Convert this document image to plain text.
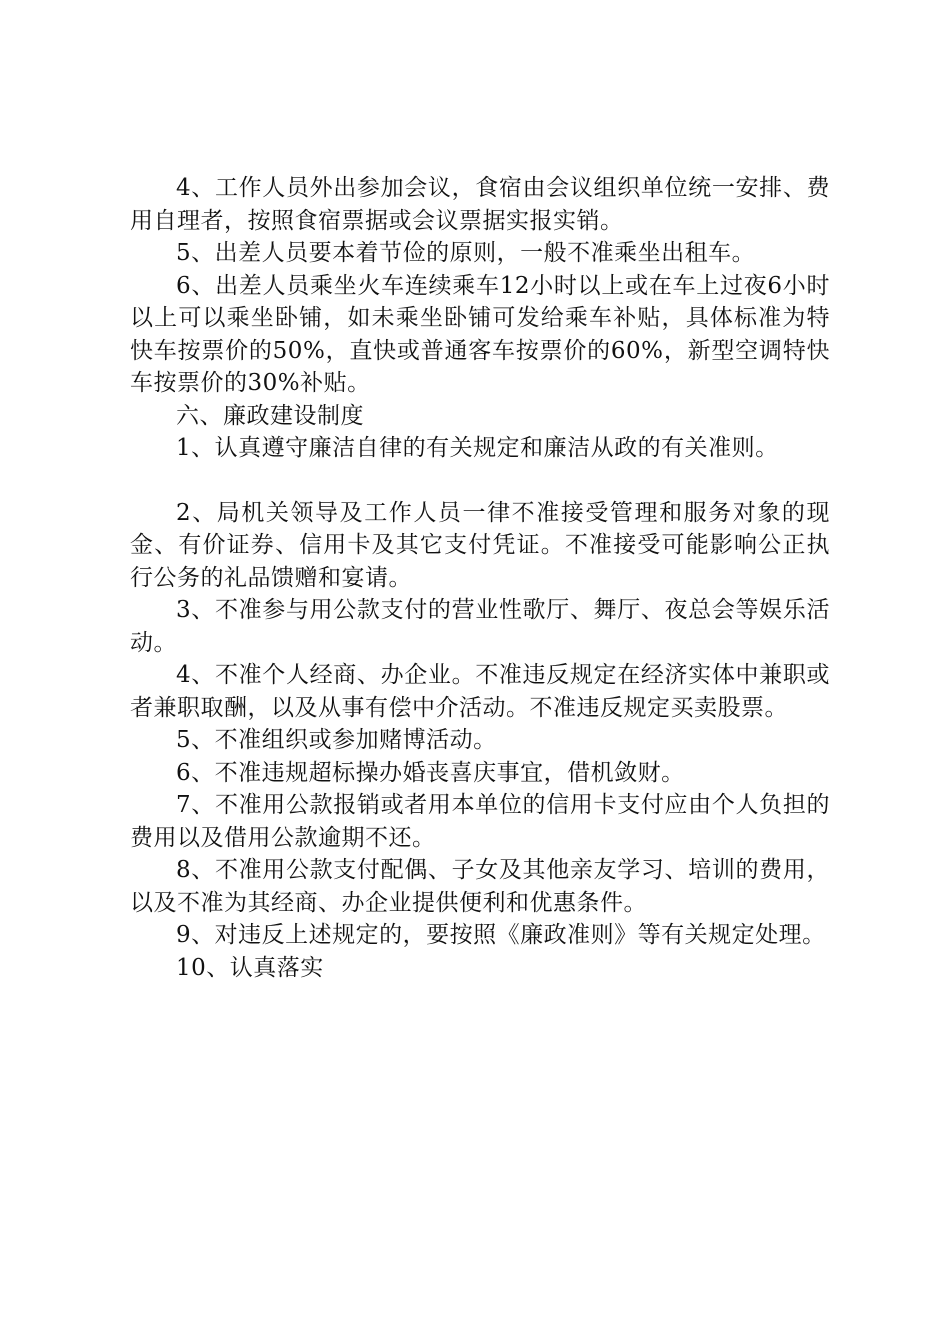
4、工作人员外出参加会议，食宿由会议组织单位统一安排、费用自理者，按照食宿票据或会议票据实报实销。

5、出差人员要本着节俭的原则，一般不准乘坐出租车。

6、出差人员乘坐火车连续乘车12小时以上或在车上过夜6小时以上可以乘坐卧铺，如未乘坐卧铺可发给乘车补贴，具体标准为特快车按票价的50%，直快或普通客车按票价的60%，新型空调特快车按票价的30%补贴。

六、廉政建设制度

1、认真遵守廉洁自律的有关规定和廉洁从政的有关准则。

2、局机关领导及工作人员一律不准接受管理和服务对象的现金、有价证券、信用卡及其它支付凭证。不准接受可能影响公正执行公务的礼品馈赠和宴请。

3、不准参与用公款支付的营业性歌厅、舞厅、夜总会等娱乐活动。

4、不准个人经商、办企业。不准违反规定在经济实体中兼职或者兼职取酬，以及从事有偿中介活动。不准违反规定买卖股票。

5、不准组织或参加赌博活动。

6、不准违规超标操办婚丧喜庆事宜，借机敛财。

7、不准用公款报销或者用本单位的信用卡支付应由个人负担的费用以及借用公款逾期不还。

8、不准用公款支付配偶、子女及其他亲友学习、培训的费用，以及不准为其经商、办企业提供便利和优惠条件。

9、对违反上述规定的，要按照《廉政准则》等有关规定处理。

10、认真落实
